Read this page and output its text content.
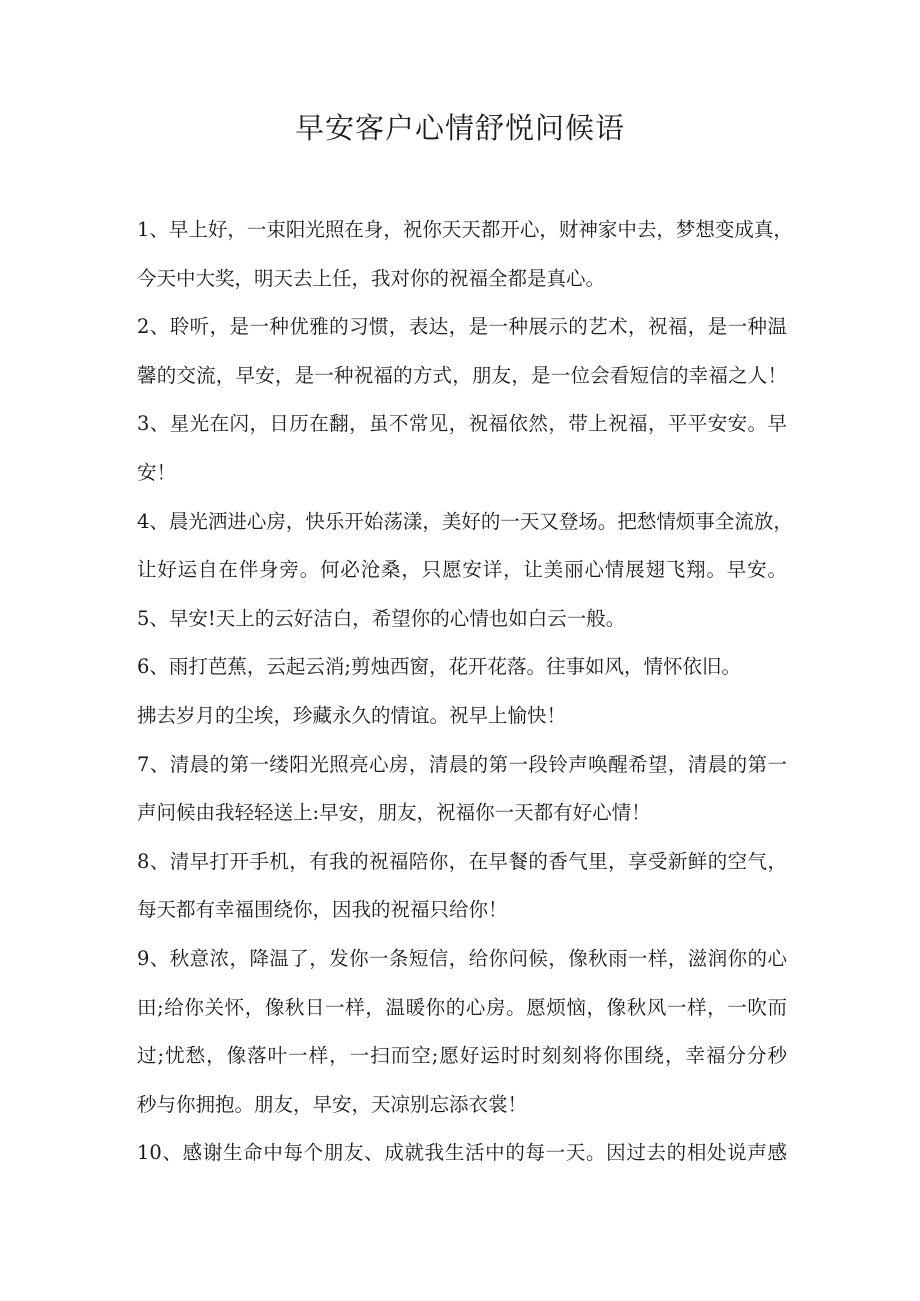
早安客户心情舒悦问候语
1、早上好，一束阳光照在身，祝你天天都开心，财神家中去，梦想变成真，
今天中大奖，明天去上任，我对你的祝福全都是真心。
2、聆听，是一种优雅的习惯，表达，是一种展示的艺术，祝福，是一种温
馨的交流，早安，是一种祝福的方式，朋友，是一位会看短信的幸福之人！
3、星光在闪，日历在翻，虽不常见，祝福依然，带上祝福，平平安安。早
安！
4、晨光洒进心房，快乐开始荡漾，美好的一天又登场。把愁情烦事全流放，
让好运自在伴身旁。何必沧桑，只愿安详，让美丽心情展翅飞翔。早安。
5、早安!天上的云好洁白，希望你的心情也如白云一般。
6、雨打芭蕉，云起云消;剪烛西窗，花开花落。往事如风，情怀依旧。
拂去岁月的尘埃，珍藏永久的情谊。祝早上愉快！
7、清晨的第一缕阳光照亮心房，清晨的第一段铃声唤醒希望，清晨的第一
声问候由我轻轻送上:早安，朋友，祝福你一天都有好心情！
8、清早打开手机，有我的祝福陪你，在早餐的香气里，享受新鲜的空气，
每天都有幸福围绕你，因我的祝福只给你！
9、秋意浓，降温了，发你一条短信，给你问候，像秋雨一样，滋润你的心
田;给你关怀，像秋日一样，温暖你的心房。愿烦恼，像秋风一样，一吹而
过;忧愁，像落叶一样，一扫而空;愿好运时时刻刻将你围绕，幸福分分秒
秒与你拥抱。朋友，早安，天凉别忘添衣裳！
10、感谢生命中每个朋友、成就我生活中的每一天。因过去的相处说声感
